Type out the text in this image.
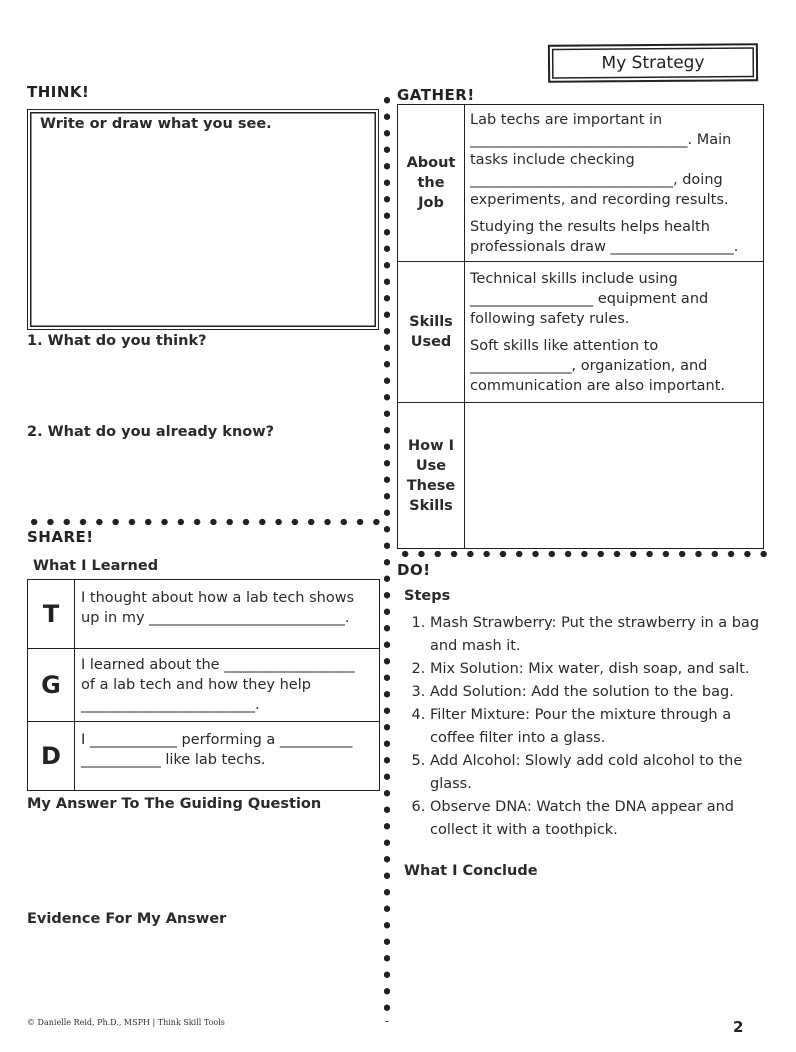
My Strategy
THINK!
Write or draw what you see.
1. What do you think?
2. What do you already know?
GATHER!
About the Job	Lab techs are important in ______________________________. Main tasks include checking ____________________________, doing experiments, and recording results.

Studying the results helps health professionals draw _________________.

Skills Used	Technical skills include using _________________ equipment and following safety rules.

Soft skills like attention to ______________, organization, and communication are also important.

How I Use These Skills	
SHARE!
What I Learned
T	I thought about how a lab tech shows up in my ___________________________.
G	I learned about the __________________ of a lab tech and how they help ________________________.
D	I ____________ performing a __________ ___________ like lab techs.
My Answer To The Guiding Question
Evidence For My Answer
DO!
Steps
1. Mash Strawberry: Put the strawberry in a bag and mash it.
2. Mix Solution: Mix water, dish soap, and salt.
3. Add Solution: Add the solution to the bag.
4. Filter Mixture: Pour the mixture through a coffee filter into a glass.
5. Add Alcohol: Slowly add cold alcohol to the glass.
6. Observe DNA: Watch the DNA appear and collect it with a toothpick.
What I Conclude
© Danielle Reid, Ph.D., MSPH | Think Skill Tools	2
